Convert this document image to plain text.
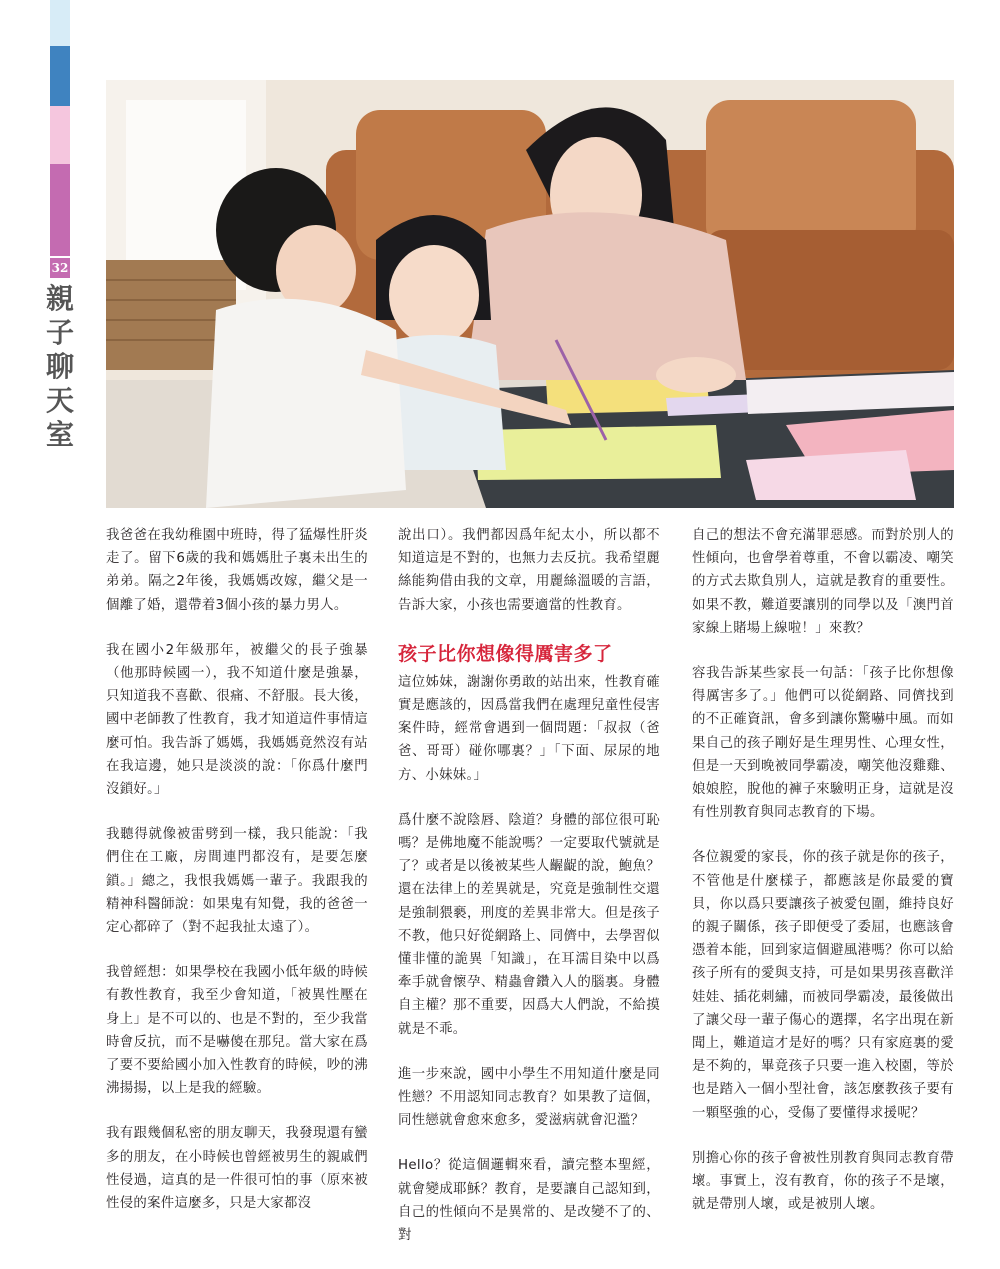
32
親子聊天室

我爸爸在我幼稚園中班時，得了猛爆性肝炎走了。留下6歲的我和媽媽肚子裏未出生的弟弟。隔之2年後，我媽媽改嫁，繼父是一個離了婚，還帶着3個小孩的暴力男人。

我在國小2年級那年，被繼父的長子強暴（他那時候國一），我不知道什麼是強暴，只知道我不喜歡、很痛、不舒服。長大後，國中老師教了性教育，我才知道這件事情這麼可怕。我告訴了媽媽，我媽媽竟然沒有站在我這邊，她只是淡淡的說：「你爲什麼門沒鎖好。」

我聽得就像被雷劈到一樣，我只能說：「我們住在工廠，房間連門都沒有，是要怎麼鎖。」總之，我恨我媽媽一輩子。我跟我的精神科醫師說：如果鬼有知覺，我的爸爸一定心都碎了（對不起我扯太遠了）。

我曾經想：如果學校在我國小低年級的時候有教性教育，我至少會知道，「被異性壓在身上」是不可以的、也是不對的，至少我當時會反抗，而不是嚇傻在那兒。當大家在爲了要不要給國小加入性教育的時候，吵的沸沸揚揚，以上是我的經驗。

我有跟幾個私密的朋友聊天，我發現還有蠻多的朋友，在小時候也曾經被男生的親戚們性侵過，這真的是一件很可怕的事（原來被性侵的案件這麼多，只是大家都沒

說出口）。我們都因爲年紀太小，所以都不知道這是不對的，也無力去反抗。我希望麗絲能夠借由我的文章，用麗絲溫暖的言語，告訴大家，小孩也需要適當的性教育。

孩子比你想像得厲害多了

這位姊妹，謝謝你勇敢的站出來，性教育確實是應該的，因爲當我們在處理兒童性侵害案件時，經常會遇到一個問題：「叔叔（爸爸、哥哥）碰你哪裏？」「下面、尿尿的地方、小妹妹。」

爲什麼不說陰唇、陰道？身體的部位很可恥嗎？是佛地魔不能說嗎？一定要取代號就是了？或者是以後被某些人齷齪的說，鮑魚？還在法律上的差異就是，究竟是強制性交還是強制猥褻，刑度的差異非常大。但是孩子不教，他只好從網路上、同儕中，去學習似懂非懂的詭異「知識」，在耳濡目染中以爲牽手就會懷孕、精蟲會鑽入人的腦裏。身體自主權？那不重要，因爲大人們說，不給摸就是不乖。

進一步來說，國中小學生不用知道什麼是同性戀？不用認知同志教育？如果教了這個，同性戀就會愈來愈多，愛滋病就會氾濫？

Hello？從這個邏輯來看，讀完整本聖經，就會變成耶穌？教育，是要讓自己認知到，自己的性傾向不是異常的、是改變不了的、對

自己的想法不會充滿罪惡感。而對於別人的性傾向，也會學着尊重，不會以霸凌、嘲笑的方式去欺負別人，這就是教育的重要性。如果不教，難道要讓別的同學以及「澳門首家線上賭場上線啦！」來教？

容我告訴某些家長一句話：「孩子比你想像得厲害多了。」他們可以從網路、同儕找到的不正確資訊，會多到讓你驚嚇中風。而如果自己的孩子剛好是生理男性、心理女性，但是一天到晚被同學霸凌，嘲笑他沒雞雞、娘娘腔，脫他的褲子來驗明正身，這就是沒有性別教育與同志教育的下場。

各位親愛的家長，你的孩子就是你的孩子，不管他是什麼樣子，都應該是你最愛的寶貝，你以爲只要讓孩子被愛包圍，維持良好的親子關係，孩子即便受了委屈，也應該會憑着本能，回到家這個避風港嗎？你可以給孩子所有的愛與支持，可是如果男孩喜歡洋娃娃、插花刺繡，而被同學霸凌，最後做出了讓父母一輩子傷心的選擇，名字出現在新聞上，難道這才是好的嗎？只有家庭裏的愛是不夠的，畢竟孩子只要一進入校園，等於也是踏入一個小型社會，該怎麼教孩子要有一顆堅強的心，受傷了要懂得求援呢？

別擔心你的孩子會被性別教育與同志教育帶壞。事實上，沒有教育，你的孩子不是壞，就是帶別人壞，或是被別人壞。
